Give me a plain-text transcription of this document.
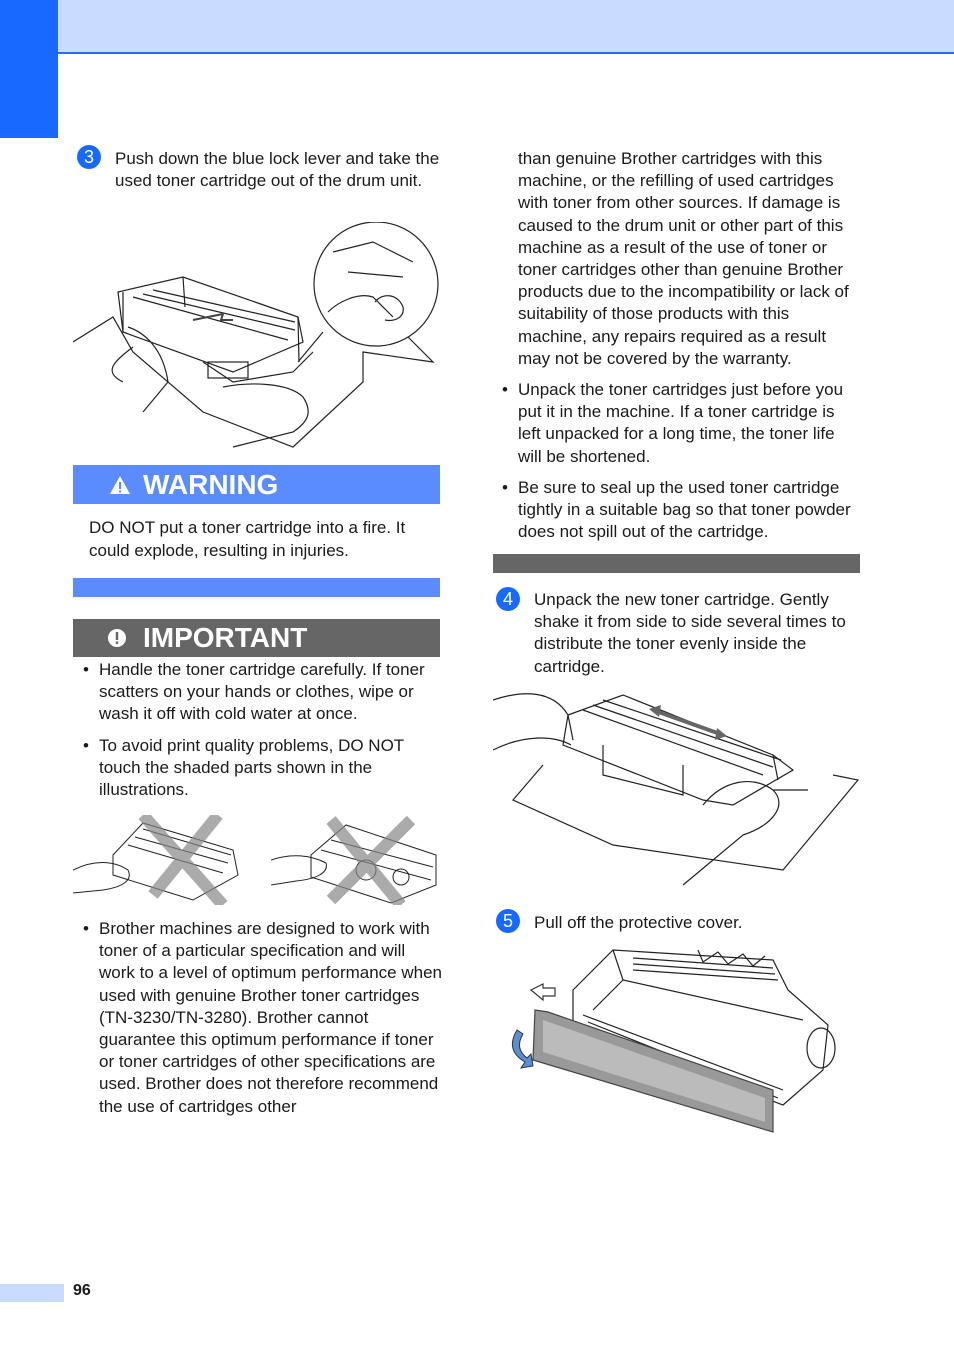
3	Push down the blue lock lever and take the used toner cartridge out of the drum unit.
WARNING
DO NOT put a toner cartridge into a fire. It could explode, resulting in injuries.
IMPORTANT
• Handle the toner cartridge carefully. If toner scatters on your hands or clothes, wipe or wash it off with cold water at once.
• To avoid print quality problems, DO NOT touch the shaded parts shown in the illustrations.
• Brother machines are designed to work with toner of a particular specification and will work to a level of optimum performance when used with genuine Brother toner cartridges (TN-3230/TN-3280). Brother cannot guarantee this optimum performance if toner or toner cartridges of other specifications are used. Brother does not therefore recommend the use of cartridges other
than genuine Brother cartridges with this machine, or the refilling of used cartridges with toner from other sources. If damage is caused to the drum unit or other part of this machine as a result of the use of toner or toner cartridges other than genuine Brother products due to the incompatibility or lack of suitability of those products with this machine, any repairs required as a result may not be covered by the warranty.
• Unpack the toner cartridges just before you put it in the machine. If a toner cartridge is left unpacked for a long time, the toner life will be shortened.
• Be sure to seal up the used toner cartridge tightly in a suitable bag so that toner powder does not spill out of the cartridge.
4	Unpack the new toner cartridge. Gently shake it from side to side several times to distribute the toner evenly inside the cartridge.
5	Pull off the protective cover.
96
